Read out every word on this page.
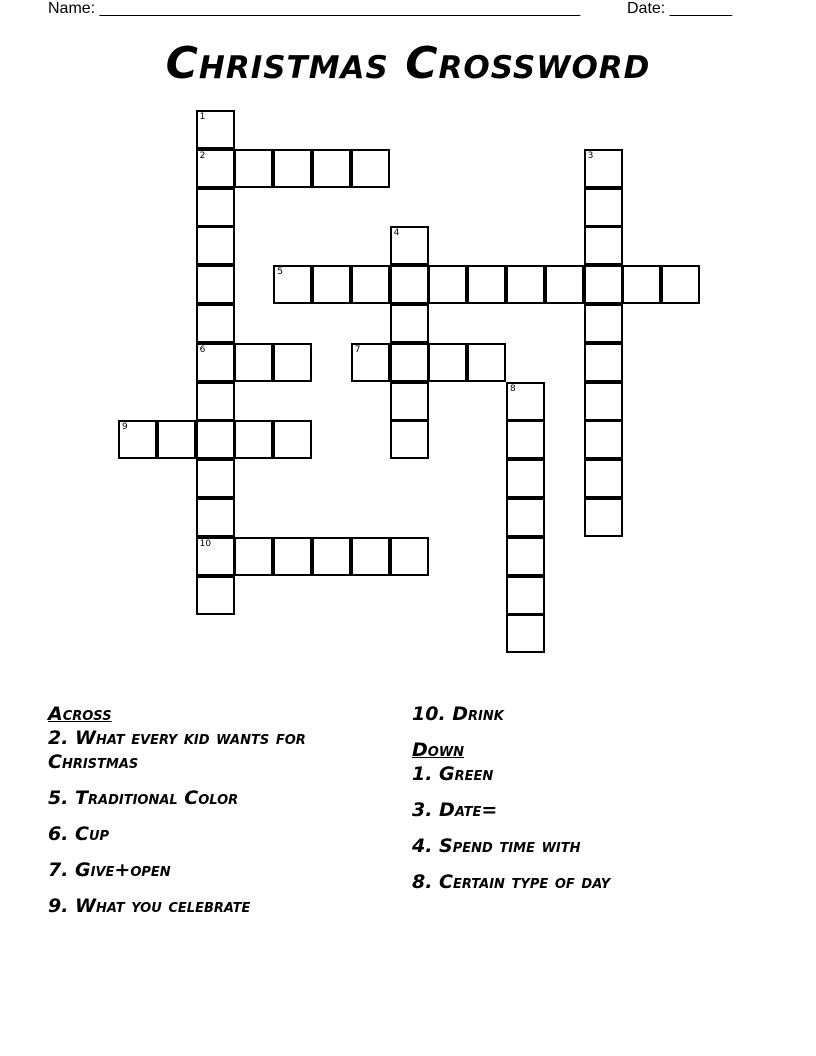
Name: ______________________________________________________	Date: _______
Christmas Crossword
2
5
6	7
9
10
1
3
4
8
Across
2. What every kid wants for Christmas
5. Traditional Color
6. Cup
7. Give+open
9. What you celebrate
10. Drink
Down
1. Green
3. Date=
4. Spend time with
8. Certain type of day
